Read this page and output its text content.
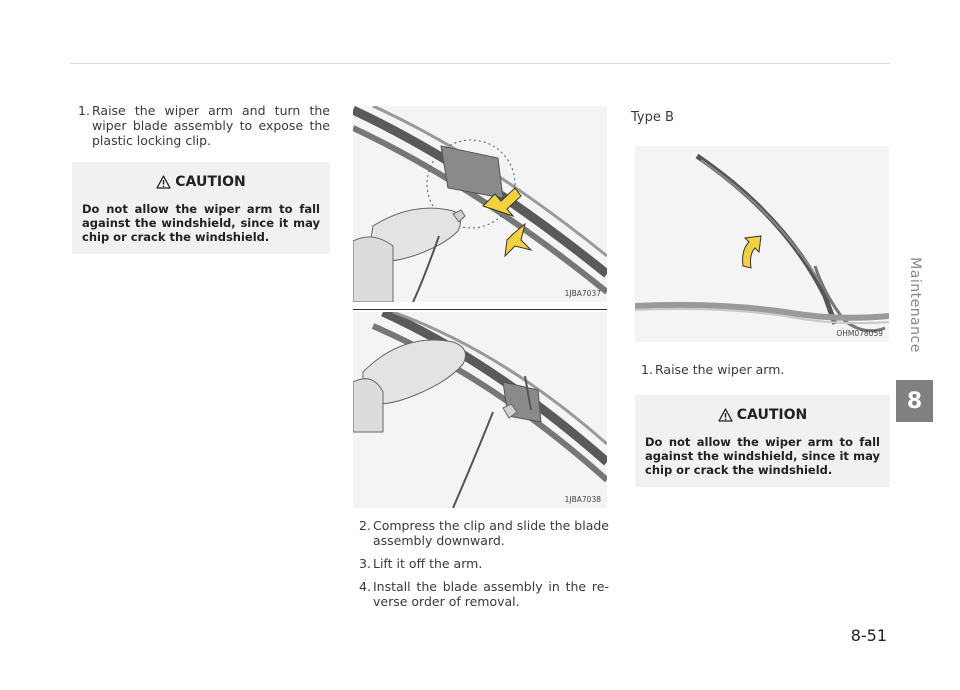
1. Raise the wiper arm and turn the wiper blade assembly to expose the plastic locking clip.

CAUTION
Do not allow the wiper arm to fall against the windshield, since it may chip or crack the windshield.
1JBA7037
1JBA7038

2. Compress the clip and slide the blade assembly downward.

3. Lift it off the arm.

4. Install the blade assembly in the re-verse order of removal.

Type B
OHM078059

1. Raise the wiper arm.

CAUTION
Do not allow the wiper arm to fall against the windshield, since it may chip or crack the windshield.
Maintenance
8
8-51
